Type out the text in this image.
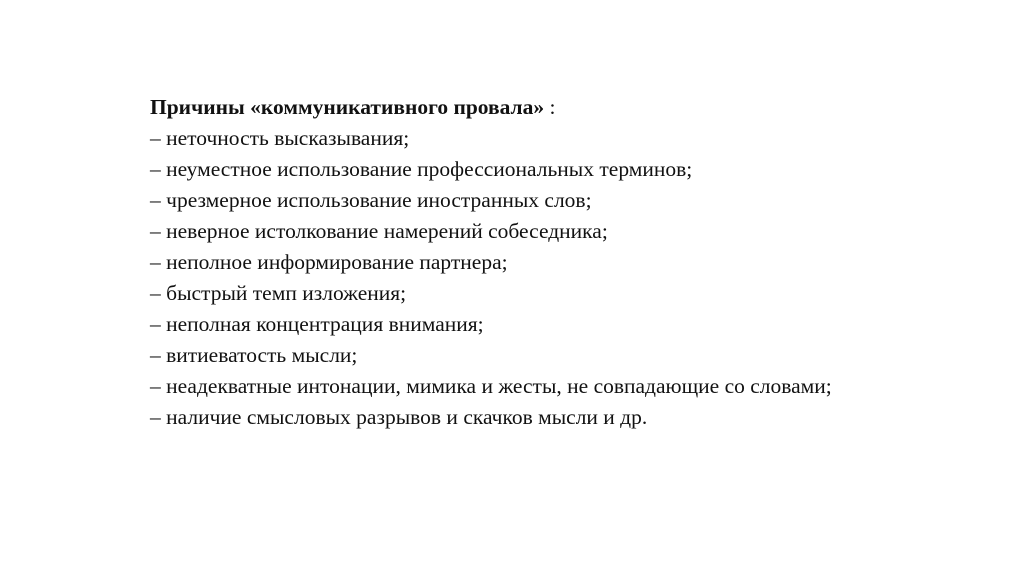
Причины «коммуникативного провала» :
– неточность высказывания;
– неуместное использование профессиональных терминов;
– чрезмерное использование иностранных слов;
– неверное истолкование намерений собеседника;
– неполное информирование партнера;
– быстрый темп изложения;
– неполная концентрация внимания;
– витиеватость мысли;
– неадекватные интонации, мимика и жесты, не совпадающие со словами;
– наличие смысловых разрывов и скачков мысли и др.
